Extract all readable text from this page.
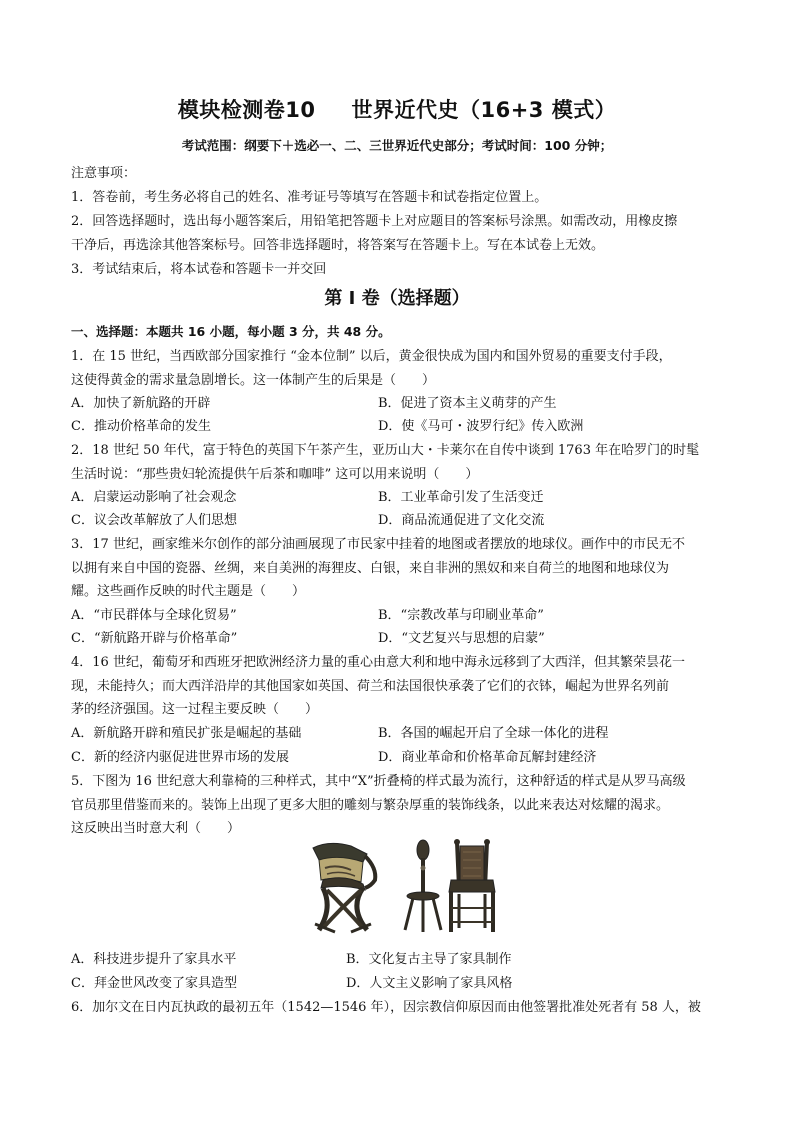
模块检测卷10 世界近代史（16+3 模式）
考试范围：纲要下＋选必一、二、三世界近代史部分；考试时间：100 分钟；
注意事项：
1．答卷前，考生务必将自己的姓名、准考证号等填写在答题卡和试卷指定位置上。
2．回答选择题时，选出每小题答案后，用铅笔把答题卡上对应题目的答案标号涂黑。如需改动，用橡皮擦
干净后，再选涂其他答案标号。回答非选择题时，将答案写在答题卡上。写在本试卷上无效。
3．考试结束后，将本试卷和答题卡一并交回
第 I 卷（选择题）
一、选择题：本题共 16 小题，每小题 3 分，共 48 分。
1．在 15 世纪，当西欧部分国家推行 “金本位制” 以后，黄金很快成为国内和国外贸易的重要支付手段，
这使得黄金的需求量急剧增长。这一体制产生的后果是（　　）
A．加快了新航路的开辟	B．促进了资本主义萌芽的产生
C．推动价格革命的发生	D．使《马可・波罗行纪》传入欧洲
2．18 世纪 50 年代，富于特色的英国下午茶产生，亚历山大・卡莱尔在自传中谈到 1763 年在哈罗门的时髦
生活时说：“那些贵妇轮流提供午后茶和咖啡” 这可以用来说明（　　）
A．启蒙运动影响了社会观念	B．工业革命引发了生活变迁
C．议会改革解放了人们思想	D．商品流通促进了文化交流
3．17 世纪，画家维米尔创作的部分油画展现了市民家中挂着的地图或者摆放的地球仪。画作中的市民无不
以拥有来自中国的瓷器、丝绸，来自美洲的海狸皮、白银，来自非洲的黑奴和来自荷兰的地图和地球仪为
耀。这些画作反映的时代主题是（　　）
A．“市民群体与全球化贸易”	B．“宗教改革与印刷业革命”
C．“新航路开辟与价格革命”	D．“文艺复兴与思想的启蒙”
4．16 世纪，葡萄牙和西班牙把欧洲经济力量的重心由意大利和地中海永远移到了大西洋，但其繁荣昙花一
现，未能持久；而大西洋沿岸的其他国家如英国、荷兰和法国很快承袭了它们的衣钵，崛起为世界名列前
茅的经济强国。这一过程主要反映（　　）
A．新航路开辟和殖民扩张是崛起的基础	B．各国的崛起开启了全球一体化的进程
C．新的经济内驱促进世界市场的发展	D．商业革命和价格革命瓦解封建经济
5．下图为 16 世纪意大利靠椅的三种样式，其中“X”折叠椅的样式最为流行，这种舒适的样式是从罗马高级
官员那里借鉴而来的。装饰上出现了更多大胆的雕刻与繁杂厚重的装饰线条，以此来表达对炫耀的渴求。
这反映出当时意大利（　　）
A．科技进步提升了家具水平	B．文化复古主导了家具制作
C．拜金世风改变了家具造型	D．人文主义影响了家具风格
6．加尔文在日内瓦执政的最初五年（1542—1546 年），因宗教信仰原因而由他签署批准处死者有 58 人，被
